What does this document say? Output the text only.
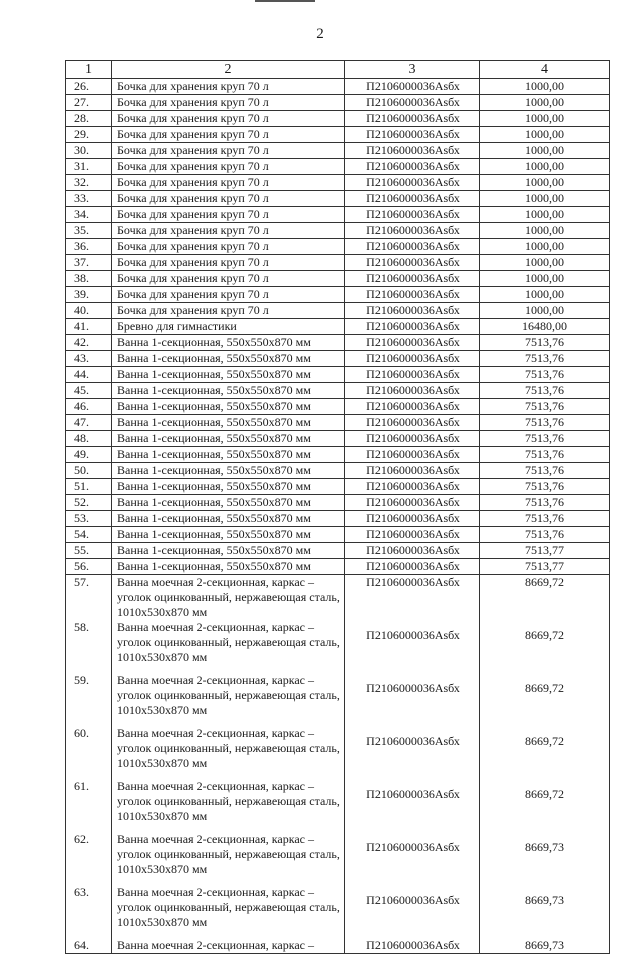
2
1	2	3	4
26.	Бочка для хранения круп 70 л	П2106000036Аsбх	1000,00
27.	Бочка для хранения круп 70 л	П2106000036Аsбх	1000,00
28.	Бочка для хранения круп 70 л	П2106000036Аsбх	1000,00
29.	Бочка для хранения круп 70 л	П2106000036Аsбх	1000,00
30.	Бочка для хранения круп 70 л	П2106000036Аsбх	1000,00
31.	Бочка для хранения круп 70 л	П2106000036Аsбх	1000,00
32.	Бочка для хранения круп 70 л	П2106000036Аsбх	1000,00
33.	Бочка для хранения круп 70 л	П2106000036Аsбх	1000,00
34.	Бочка для хранения круп 70 л	П2106000036Аsбх	1000,00
35.	Бочка для хранения круп 70 л	П2106000036Аsбх	1000,00
36.	Бочка для хранения круп 70 л	П2106000036Аsбх	1000,00
37.	Бочка для хранения круп 70 л	П2106000036Аsбх	1000,00
38.	Бочка для хранения круп 70 л	П2106000036Аsбх	1000,00
39.	Бочка для хранения круп 70 л	П2106000036Аsбх	1000,00
40.	Бочка для хранения круп 70 л	П2106000036Аsбх	1000,00
41.	Бревно для гимнастики	П2106000036Аsбх	16480,00
42.	Ванна 1-секционная, 550х550х870 мм	П2106000036Аsбх	7513,76
43.	Ванна 1-секционная, 550х550х870 мм	П2106000036Аsбх	7513,76
44.	Ванна 1-секционная, 550х550х870 мм	П2106000036Аsбх	7513,76
45.	Ванна 1-секционная, 550х550х870 мм	П2106000036Аsбх	7513,76
46.	Ванна 1-секционная, 550х550х870 мм	П2106000036Аsбх	7513,76
47.	Ванна 1-секционная, 550х550х870 мм	П2106000036Аsбх	7513,76
48.	Ванна 1-секционная, 550х550х870 мм	П2106000036Аsбх	7513,76
49.	Ванна 1-секционная, 550х550х870 мм	П2106000036Аsбх	7513,76
50.	Ванна 1-секционная, 550х550х870 мм	П2106000036Аsбх	7513,76
51.	Ванна 1-секционная, 550х550х870 мм	П2106000036Аsбх	7513,76
52.	Ванна 1-секционная, 550х550х870 мм	П2106000036Аsбх	7513,76
53.	Ванна 1-секционная, 550х550х870 мм	П2106000036Аsбх	7513,76
54.	Ванна 1-секционная, 550х550х870 мм	П2106000036Аsбх	7513,76
55.	Ванна 1-секционная, 550х550х870 мм	П2106000036Аsбх	7513,77
56.	Ванна 1-секционная, 550х550х870 мм	П2106000036Аsбх	7513,77
57.	Ванна моечная 2-секционная, каркас – уголок оцинкованный, нержавеющая сталь, 1010х530х870 мм	П2106000036Аsбх	8669,72
58.	Ванна моечная 2-секционная, каркас – уголок оцинкованный, нержавеющая сталь, 1010х530х870 мм	П2106000036Аsбх	8669,72
59.	Ванна моечная 2-секционная, каркас – уголок оцинкованный, нержавеющая сталь, 1010х530х870 мм	П2106000036Аsбх	8669,72
60.	Ванна моечная 2-секционная, каркас – уголок оцинкованный, нержавеющая сталь, 1010х530х870 мм	П2106000036Аsбх	8669,72
61.	Ванна моечная 2-секционная, каркас – уголок оцинкованный, нержавеющая сталь, 1010х530х870 мм	П2106000036Аsбх	8669,72
62.	Ванна моечная 2-секционная, каркас – уголок оцинкованный, нержавеющая сталь, 1010х530х870 мм	П2106000036Аsбх	8669,73
63.	Ванна моечная 2-секционная, каркас – уголок оцинкованный, нержавеющая сталь, 1010х530х870 мм	П2106000036Аsбх	8669,73
64.	Ванна моечная 2-секционная, каркас –	П2106000036Аsбх	8669,73
